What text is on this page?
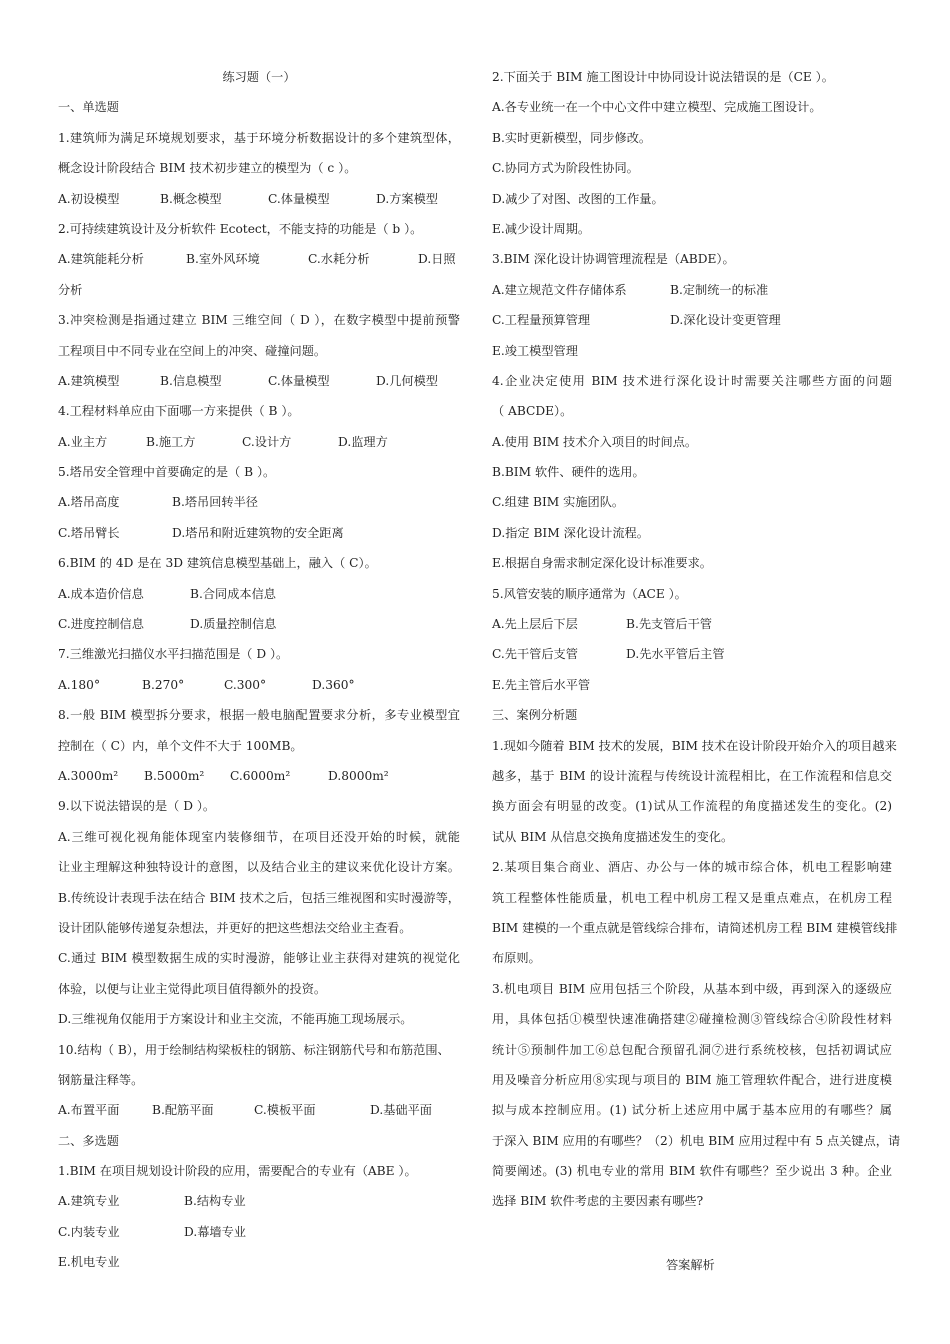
练习题（一）
一、单选题
1.建筑师为满足环境规划要求，基于环境分析数据设计的多个建筑型体，
概念设计阶段结合 BIM 技术初步建立的模型为（ c ）。
A.初设模型	B.概念模型	C.体量模型	D.方案模型
2.可持续建筑设计及分析软件 Ecotect，不能支持的功能是（ b ）。
A.建筑能耗分析	B.室外风环境	C.水耗分析	D.日照
分析
3.冲突检测是指通过建立 BIM 三维空间（ D ），在数字模型中提前预警
工程项目中不同专业在空间上的冲突、碰撞问题。
A.建筑模型	B.信息模型	C.体量模型	D.几何模型
4.工程材料单应由下面哪一方来提供（ B ）。
A.业主方	B.施工方	C.设计方	D.监理方
5.塔吊安全管理中首要确定的是（ B ）。
A.塔吊高度	B.塔吊回转半径
C.塔吊臂长	D.塔吊和附近建筑物的安全距离
6.BIM 的 4D 是在 3D 建筑信息模型基础上，融入（ C）。
A.成本造价信息	B.合同成本信息
C.进度控制信息	D.质量控制信息
7.三维激光扫描仪水平扫描范围是（ D ）。
A.180°	B.270°	C.300°	D.360°
8.一般 BIM 模型拆分要求，根据一般电脑配置要求分析，多专业模型宜
控制在（ C）内，单个文件不大于 100MB。
A.3000m²	B.5000m²	C.6000m²	D.8000m²
9.以下说法错误的是（ D ）。
A.三维可视化视角能体现室内装修细节，在项目还没开始的时候，就能
让业主理解这种独特设计的意图，以及结合业主的建议来优化设计方案。
B.传统设计表现手法在结合 BIM 技术之后，包括三维视图和实时漫游等，
设计团队能够传递复杂想法，并更好的把这些想法交给业主查看。
C.通过 BIM 模型数据生成的实时漫游，能够让业主获得对建筑的视觉化
体验，以便与让业主觉得此项目值得额外的投资。
D.三维视角仅能用于方案设计和业主交流，不能再施工现场展示。
10.结构（ B），用于绘制结构梁板柱的钢筋、标注钢筋代号和布筋范围、
钢筋量注释等。
A.布置平面	B.配筋平面	C.模板平面	D.基础平面
二、多选题
1.BIM 在项目规划设计阶段的应用，需要配合的专业有（ABE ）。
A.建筑专业	B.结构专业
C.内装专业	D.幕墙专业
E.机电专业
2.下面关于 BIM 施工图设计中协同设计说法错误的是（CE ）。
A.各专业统一在一个中心文件中建立模型、完成施工图设计。
B.实时更新模型，同步修改。
C.协同方式为阶段性协同。
D.减少了对图、改图的工作量。
E.减少设计周期。
3.BIM 深化设计协调管理流程是（ABDE）。
A.建立规范文件存储体系	B.定制统一的标准
C.工程量预算管理	D.深化设计变更管理
E.竣工模型管理
4.企业决定使用 BIM 技术进行深化设计时需要关注哪些方面的问题
（ ABCDE）。
A.使用 BIM 技术介入项目的时间点。
B.BIM 软件、硬件的选用。
C.组建 BIM 实施团队。
D.指定 BIM 深化设计流程。
E.根据自身需求制定深化设计标准要求。
5.风管安装的顺序通常为（ACE ）。
A.先上层后下层	B.先支管后干管
C.先干管后支管	D.先水平管后主管
E.先主管后水平管
三、案例分析题
1.现如今随着 BIM 技术的发展，BIM 技术在设计阶段开始介入的项目越来
越多，基于 BIM 的设计流程与传统设计流程相比，在工作流程和信息交
换方面会有明显的改变。(1)试从工作流程的角度描述发生的变化。(2)
试从 BIM 从信息交换角度描述发生的变化。
2.某项目集合商业、酒店、办公与一体的城市综合体，机电工程影响建
筑工程整体性能质量，机电工程中机房工程又是重点难点，在机房工程
BIM 建模的一个重点就是管线综合排布，请简述机房工程 BIM 建模管线排
布原则。
3.机电项目 BIM 应用包括三个阶段，从基本到中级，再到深入的逐级应
用，具体包括①模型快速准确搭建②碰撞检测③管线综合④阶段性材料
统计⑤预制件加工⑥总包配合预留孔洞⑦进行系统校核，包括初调试应
用及噪音分析应用⑧实现与项目的 BIM 施工管理软件配合，进行进度模
拟与成本控制应用。(1) 试分析上述应用中属于基本应用的有哪些？属
于深入 BIM 应用的有哪些？（2）机电 BIM 应用过程中有 5 点关键点，请
简要阐述。(3) 机电专业的常用 BIM 软件有哪些？至少说出 3 种。企业
选择 BIM 软件考虑的主要因素有哪些?
答案解析
